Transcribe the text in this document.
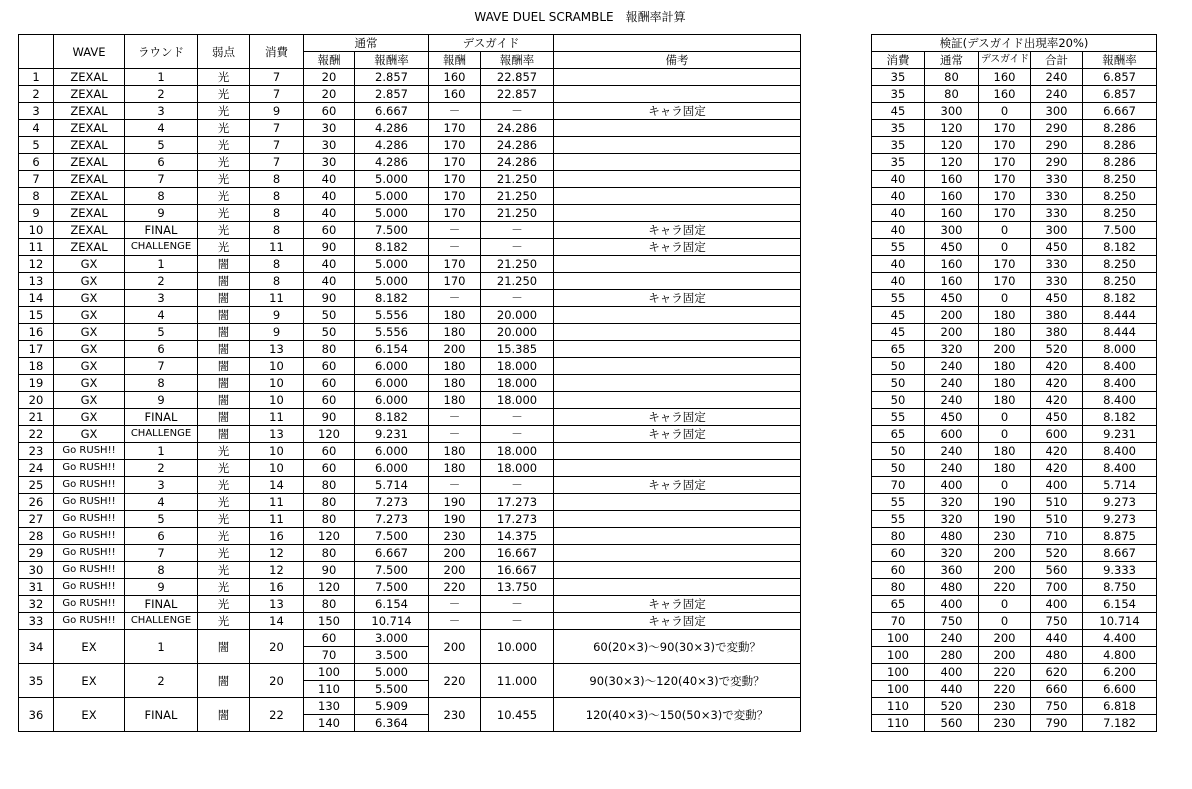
WAVE DUEL SCRAMBLE　報酬率計算
	WAVE	ラウンド	弱点	消費	通常		デスガイド		
					報酬	報酬率	報酬	報酬率	備考
1	ZEXAL	1	光	7	20	2.857	160	22.857	
2	ZEXAL	2	光	7	20	2.857	160	22.857	
3	ZEXAL	3	光	9	60	6.667	－	－	キャラ固定
4	ZEXAL	4	光	7	30	4.286	170	24.286	
5	ZEXAL	5	光	7	30	4.286	170	24.286	
6	ZEXAL	6	光	7	30	4.286	170	24.286	
7	ZEXAL	7	光	8	40	5.000	170	21.250	
8	ZEXAL	8	光	8	40	5.000	170	21.250	
9	ZEXAL	9	光	8	40	5.000	170	21.250	
10	ZEXAL	FINAL	光	8	60	7.500	－	－	キャラ固定
11	ZEXAL	CHALLENGE	光	11	90	8.182	－	－	キャラ固定
12	GX	1	闇	8	40	5.000	170	21.250	
13	GX	2	闇	8	40	5.000	170	21.250	
14	GX	3	闇	11	90	8.182	－	－	キャラ固定
15	GX	4	闇	9	50	5.556	180	20.000	
16	GX	5	闇	9	50	5.556	180	20.000	
17	GX	6	闇	13	80	6.154	200	15.385	
18	GX	7	闇	10	60	6.000	180	18.000	
19	GX	8	闇	10	60	6.000	180	18.000	
20	GX	9	闇	10	60	6.000	180	18.000	
21	GX	FINAL	闇	11	90	8.182	－	－	キャラ固定
22	GX	CHALLENGE	闇	13	120	9.231	－	－	キャラ固定
23	Go RUSH!!	1	光	10	60	6.000	180	18.000	
24	Go RUSH!!	2	光	10	60	6.000	180	18.000	
25	Go RUSH!!	3	光	14	80	5.714	－	－	キャラ固定
26	Go RUSH!!	4	光	11	80	7.273	190	17.273	
27	Go RUSH!!	5	光	11	80	7.273	190	17.273	
28	Go RUSH!!	6	光	16	120	7.500	230	14.375	
29	Go RUSH!!	7	光	12	80	6.667	200	16.667	
30	Go RUSH!!	8	光	12	90	7.500	200	16.667	
31	Go RUSH!!	9	光	16	120	7.500	220	13.750	
32	Go RUSH!!	FINAL	光	13	80	6.154	－	－	キャラ固定
33	Go RUSH!!	CHALLENGE	光	14	150	10.714	－	－	キャラ固定
34	EX	1	闇	20	60	3.000	200	10.000	60(20×3)～90(30×3)で変動？
					70	3.500			
35	EX	2	闇	20	100	5.000	220	11.000	90(30×3)～120(40×3)で変動？
					110	5.500			
36	EX	FINAL	闇	22	130	5.909	230	10.455	120(40×3)～150(50×3)で変動？
					140	6.364			
検証(デスガイド出現率20%)				
消費	通常	デスガイド	合計	報酬率
35	80	160	240	6.857
35	80	160	240	6.857
45	300	0	300	6.667
35	120	170	290	8.286
35	120	170	290	8.286
35	120	170	290	8.286
40	160	170	330	8.250
40	160	170	330	8.250
40	160	170	330	8.250
40	300	0	300	7.500
55	450	0	450	8.182
40	160	170	330	8.250
40	160	170	330	8.250
55	450	0	450	8.182
45	200	180	380	8.444
45	200	180	380	8.444
65	320	200	520	8.000
50	240	180	420	8.400
50	240	180	420	8.400
50	240	180	420	8.400
55	450	0	450	8.182
65	600	0	600	9.231
50	240	180	420	8.400
50	240	180	420	8.400
70	400	0	400	5.714
55	320	190	510	9.273
55	320	190	510	9.273
80	480	230	710	8.875
60	320	200	520	8.667
60	360	200	560	9.333
80	480	220	700	8.750
65	400	0	400	6.154
70	750	0	750	10.714
100	240	200	440	4.400
100	280	200	480	4.800
100	400	220	620	6.200
100	440	220	660	6.600
110	520	230	750	6.818
110	560	230	790	7.182
